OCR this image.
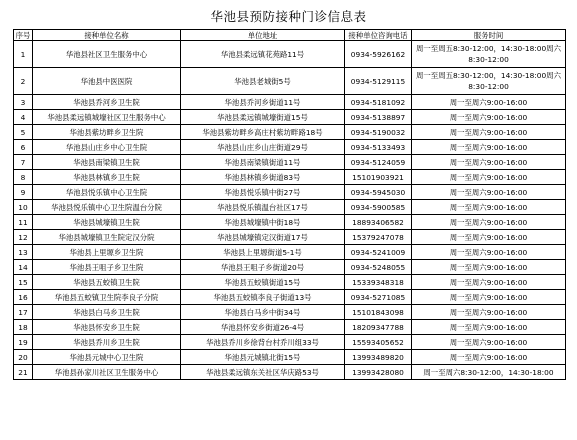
华池县预防接种门诊信息表
序号	接种单位名称	单位地址	接种单位咨询电话	服务时间
1	华池县社区卫生服务中心	华池县柔远镇花苑路11号	0934-5926162	周一至周五8:30-12:00，14:30-18:00周六8:30-12:00
2	华池县中医医院	华池县老城街5号	0934-5129115	周一至周五8:30-12:00，14:30-18:00周六8:30-12:00
3	华池县乔河乡卫生院	华池县乔河乡街道11号	0934-5181092	周一至周六9:00-16:00
4	华池县柔远镇城壕社区卫生服务中心	华池县柔远镇城壕街道15号	0934-5138897	周一至周六9:00-16:00
5	华池县紫坊畔乡卫生院	华池县紫坊畔乡高庄村紫坊畔路18号	0934-5190032	周一至周六9:00-16:00
6	华池县山庄乡中心卫生院	华池县山庄乡山庄街道29号	0934-5133493	周一至周六9:00-16:00
7	华池县南梁镇卫生院	华池县南梁镇街道11号	0934-5124059	周一至周六9:00-16:00
8	华池县林镇乡卫生院	华池县林镇乡街道83号	15101903921	周一至周六9:00-16:00
9	华池县悦乐镇中心卫生院	华池县悦乐镇中街27号	0934-5945030	周一至周六9:00-16:00
10	华池县悦乐镇中心卫生院温台分院	华池县悦乐镇温台社区17号	0934-5900585	周一至周六9:00-16:00
11	华池县城壕镇卫生院	华池县城壕镇中街18号	18893406582	周一至周六9:00-16:00
12	华池县城壕镇卫生院定汉分院	华池县城壕镇定汉街道17号	15379247078	周一至周六9:00-16:00
13	华池县上里塬乡卫生院	华池县上里塬街道5-1号	0934-5241009	周一至周六9:00-16:00
14	华池县王咀子乡卫生院	华池县王咀子乡街道20号	0934-5248055	周一至周六9:00-16:00
15	华池县五蛟镇卫生院	华池县五蛟镇街道15号	15339348318	周一至周六9:00-16:00
16	华池县五蛟镇卫生院李良子分院	华池县五蛟镇李良子街道13号	0934-5271085	周一至周六9:00-16:00
17	华池县白马乡卫生院	华池县白马乡中街34号	15101843098	周一至周六9:00-16:00
18	华池县怀安乡卫生院	华池县怀安乡街道26-4号	18209347788	周一至周六9:00-16:00
19	华池县乔川乡卫生院	华池县乔川乡徐背台村乔川组33号	15593405652	周一至周六9:00-16:00
20	华池县元城中心卫生院	华池县元城镇北街15号	13993489820	周一至周六9:00-16:00
21	华池县孙家川社区卫生服务中心	华池县柔远镇东关社区华庆路53号	13993428080	周一至周六8:30-12:00，14:30-18:00
